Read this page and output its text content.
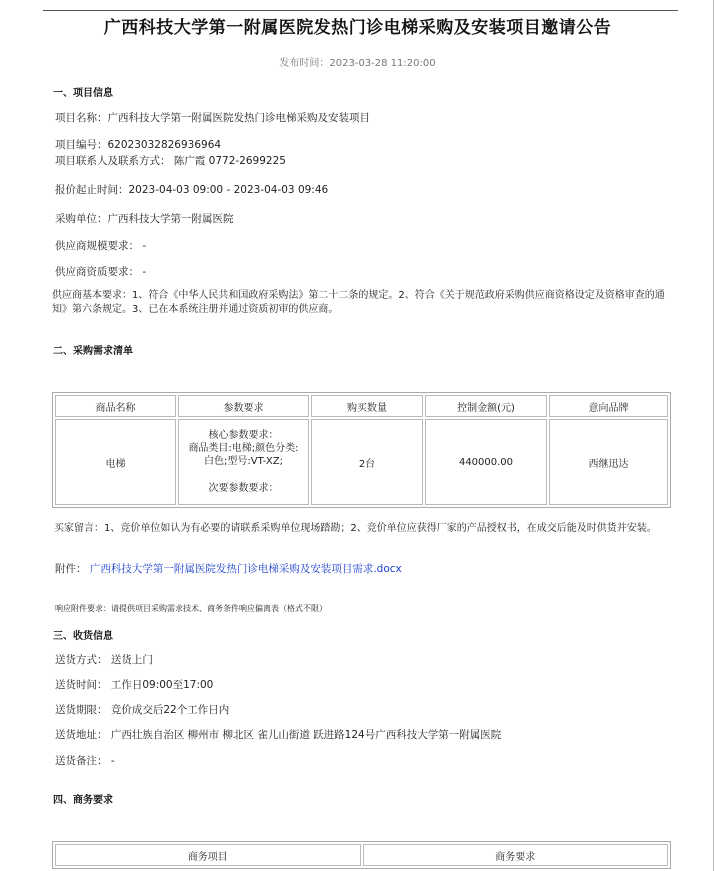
广西科技大学第一附属医院发热门诊电梯采购及安装项目邀请公告
发布时间：2023-03-28 11:20:00
一、项目信息
项目名称：广西科技大学第一附属医院发热门诊电梯采购及安装项目
项目编号：6202303282693​6964
项目联系人及联系方式： 陈广霞 0772-2699225
报价起止时间：2023-04-03 09:00 - 2023-04-03 09:46
采购单位：广西科技大学第一附属医院
供应商规模要求： -
供应商资质要求： -
供应商基本要求：1、符合《中华人民共和国政府采购法》第二十二条的规定。2、符合《关于规范政府采购供应商资格设定及资格审查的通知》第六条规定。3、已在本系统注册并通过资质初审的供应商。
二、采购需求清单
商品名称	参数要求	购买数量	控制金额(元)	意向品牌
电梯	核心参数要求：
商品类目:电梯;颜色分类:白色;型号:VT-XZ;
次要参数要求：	2台	440000.00	西继迅达
买家留言：1、竞价单位如认为有必要的请联系采购单位现场踏勘；2、竞价单位应获得厂家的产品授权书，在成交后能及时供货并安装。
附件： 广西科技大学第一附属医院发热门诊电梯采购及安装项目需求.docx
响应附件要求：请提供项目采购需求技术、商务条件响应偏离表（格式不限）
三、收货信息
送货方式： 送货上门
送货时间： 工作日09:00至17:00
送货期限： 竞价成交后22个工作日内
送货地址： 广西壮族自治区 柳州市 柳北区 雀儿山街道 跃进路124号广西科技大学第一附属医院
送货备注： -
四、商务要求
商务项目	商务要求
